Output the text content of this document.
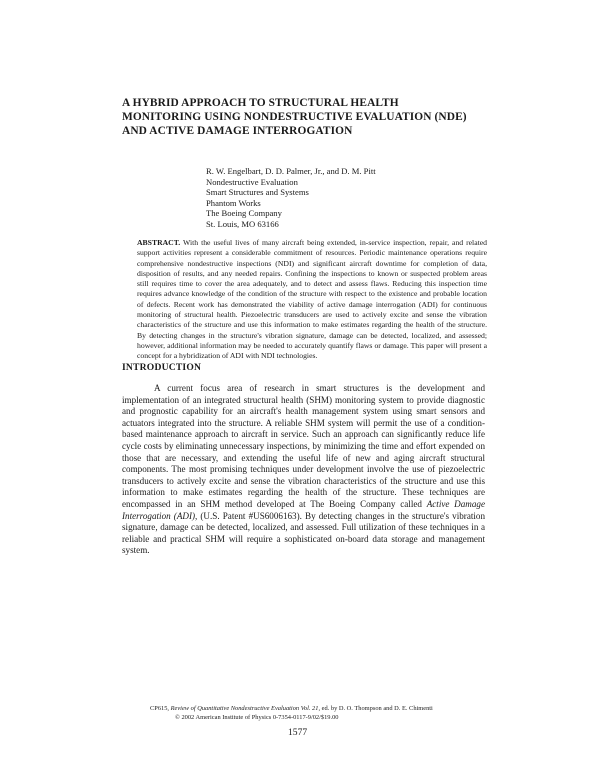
A HYBRID APPROACH TO STRUCTURAL HEALTH
MONITORING USING NONDESTRUCTIVE EVALUATION (NDE)
AND ACTIVE DAMAGE INTERROGATION
R. W. Engelbart, D. D. Palmer, Jr., and D. M. Pitt
Nondestructive Evaluation
Smart Structures and Systems
Phantom Works
The Boeing Company
St. Louis, MO 63166
ABSTRACT. With the useful lives of many aircraft being extended, in-service inspection, repair, and related support activities represent a considerable commitment of resources. Periodic maintenance operations require comprehensive nondestructive inspections (NDI) and significant aircraft downtime for completion of data, disposition of results, and any needed repairs. Confining the inspections to known or suspected problem areas still requires time to cover the area adequately, and to detect and assess flaws. Reducing this inspection time requires advance knowledge of the condition of the structure with respect to the existence and probable location of defects. Recent work has demonstrated the viability of active damage interrogation (ADI) for continuous monitoring of structural health. Piezoelectric transducers are used to actively excite and sense the vibration characteristics of the structure and use this information to make estimates regarding the health of the structure. By detecting changes in the structure's vibration signature, damage can be detected, localized, and assessed; however, additional information may be needed to accurately quantify flaws or damage. This paper will present a concept for a hybridization of ADI with NDI technologies.
INTRODUCTION
A current focus area of research in smart structures is the development and implementation of an integrated structural health (SHM) monitoring system to provide diagnostic and prognostic capability for an aircraft's health management system using smart sensors and actuators integrated into the structure. A reliable SHM system will permit the use of a condition-based maintenance approach to aircraft in service. Such an approach can significantly reduce life cycle costs by eliminating unnecessary inspections, by minimizing the time and effort expended on those that are necessary, and extending the useful life of new and aging aircraft structural components. The most promising techniques under development involve the use of piezoelectric transducers to actively excite and sense the vibration characteristics of the structure and use this information to make estimates regarding the health of the structure. These techniques are encompassed in an SHM method developed at The Boeing Company called Active Damage Interrogation (ADI), (U.S. Patent #US6006163). By detecting changes in the structure's vibration signature, damage can be detected, localized, and assessed. Full utilization of these techniques in a reliable and practical SHM will require a sophisticated on-board data storage and management system.
CP615, Review of Quantitative Nondestructive Evaluation Vol. 21, ed. by D. O. Thompson and D. E. Chimenti
© 2002 American Institute of Physics 0-7354-0117-9/02/$19.00
1577
